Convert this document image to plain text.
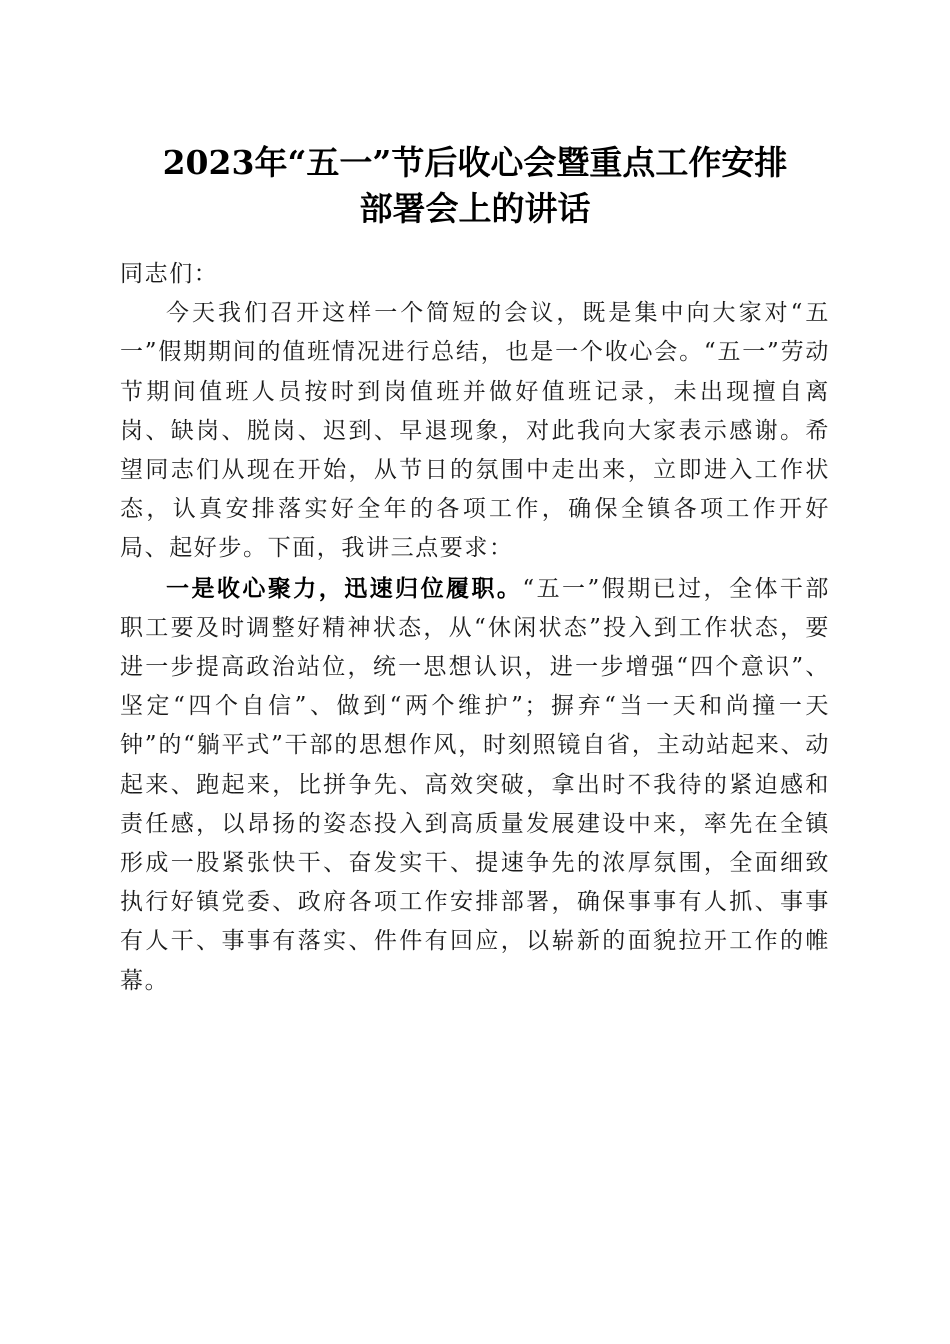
2023年“五一”节后收心会暨重点工作安排
部署会上的讲话

同志们：

今天我们召开这样一个简短的会议，既是集中向大家对“五一”假期期间的值班情况进行总结，也是一个收心会。“五一”劳动节期间值班人员按时到岗值班并做好值班记录，未出现擅自离岗、缺岗、脱岗、迟到、早退现象，对此我向大家表示感谢。希望同志们从现在开始，从节日的氛围中走出来，立即进入工作状态，认真安排落实好全年的各项工作，确保全镇各项工作开好局、起好步。下面，我讲三点要求：

一是收心聚力，迅速归位履职。“五一”假期已过，全体干部职工要及时调整好精神状态，从“休闲状态”投入到工作状态，要进一步提高政治站位，统一思想认识，进一步增强“四个意识”、坚定“四个自信”、做到“两个维护”；摒弃“当一天和尚撞一天钟”的“躺平式”干部的思想作风，时刻照镜自省，主动站起来、动起来、跑起来，比拼争先、高效突破，拿出时不我待的紧迫感和责任感，以昂扬的姿态投入到高质量发展建设中来，率先在全镇形成一股紧张快干、奋发实干、提速争先的浓厚氛围，全面细致执行好镇党委、政府各项工作安排部署，确保事事有人抓、事事有人干、事事有落实、件件有回应，以崭新的面貌拉开工作的帷幕。
